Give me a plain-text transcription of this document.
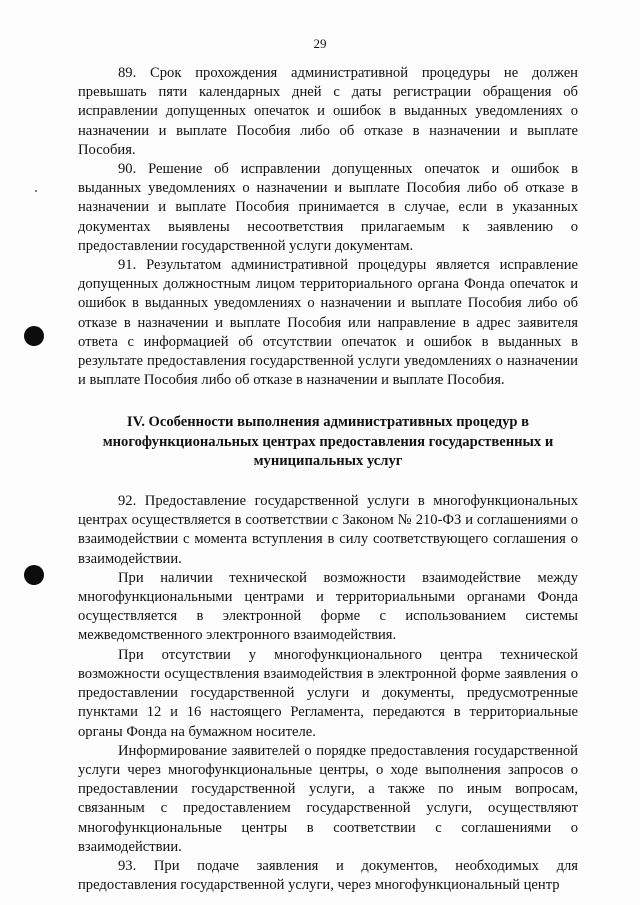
29

89. Срок прохождения административной процедуры не должен превышать пяти календарных дней с даты регистрации обращения об исправлении допущенных опечаток и ошибок в выданных уведомлениях о назначении и выплате Пособия либо об отказе в назначении и выплате Пособия.

90. Решение об исправлении допущенных опечаток и ошибок в выданных уведомлениях о назначении и выплате Пособия либо об отказе в назначении и выплате Пособия принимается в случае, если в указанных документах выявлены несоответствия прилагаемым к заявлению о предоставлении государственной услуги документам.

91. Результатом административной процедуры является исправление допущенных должностным лицом территориального органа Фонда опечаток и ошибок в выданных уведомлениях о назначении и выплате Пособия либо об отказе в назначении и выплате Пособия или направление в адрес заявителя ответа с информацией об отсутствии опечаток и ошибок в выданных в результате предоставления государственной услуги уведомлениях о назначении и выплате Пособия либо об отказе в назначении и выплате Пособия.

IV. Особенности выполнения административных процедур в многофункциональных центрах предоставления государственных и муниципальных услуг

92. Предоставление государственной услуги в многофункциональных центрах осуществляется в соответствии с Законом № 210-ФЗ и соглашениями о взаимодействии с момента вступления в силу соответствующего соглашения о взаимодействии.

При наличии технической возможности взаимодействие между многофункциональными центрами и территориальными органами Фонда осуществляется в электронной форме с использованием системы межведомственного электронного взаимодействия.

При отсутствии у многофункционального центра технической возможности осуществления взаимодействия в электронной форме заявления о предоставлении государственной услуги и документы, предусмотренные пунктами 12 и 16 настоящего Регламента, передаются в территориальные органы Фонда на бумажном носителе.

Информирование заявителей о порядке предоставления государственной услуги через многофункциональные центры, о ходе выполнения запросов о предоставлении государственной услуги, а также по иным вопросам, связанным с предоставлением государственной услуги, осуществляют многофункциональные центры в соответствии с соглашениями о взаимодействии.

93. При подаче заявления и документов, необходимых для предоставления государственной услуги, через многофункциональный центр
